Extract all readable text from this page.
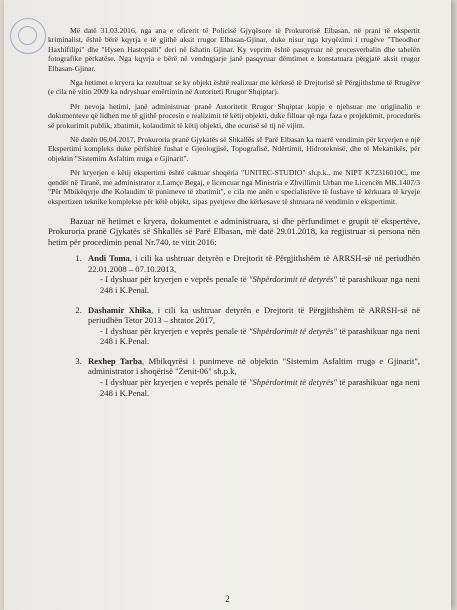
Më datë 31.03.2016, nga ana e oficerit të Policisë Gjyqësore të Prokurorisë Elbasan, në prani të ekspertit kriminalist, është bërë kqyrja e të gjithë aksit rrugor Elbasan-Gjinar, duke nisur nga kryqëzimi i rrugëve "Theodhor Haxhifilipi" dhe "Hysen Hastopalli" deri në fshatin Gjinar. Ky veprim është pasqyruar në procesverbalin dhe tabelën fotografike përkatëse. Nga kqyrja e bërë në vendngjarje janë pasqyruar dëmtimet e konstatuara përgjatë aksit rrugor Elbasan-Gjinar.

Nga hetimet e kryera ka rezultuar se ky objekt është realizuar me kërkesë të Drejtorisë së Përgjithshme të Rrugëve (e cila në vitin 2009 ka ndryshuar emërtimin në Autoriteti Rrugor Shqiptar).

Për nevoja hetimi, janë administruar pranë Autoritetit Rrugor Shqiptar kopje e njehsuar me origjinalin e dokumenteve që lidhen me të gjithë procesin e realizimit të këtij objekti, duke filluar që nga faza e projektimit, procedurës së prokurimit publik, zbatimit, kolaudimit të këtij objekti, dhe ecurisë së tij në vijim.

Në datën 06.04.2017, Prokuroria pranë Gjykatës së Shkallës së Parë Elbasan ka marrë vendimin për kryerjen e një Ekspertimi kompleks duke përfshirë fushat e Gjeologjisë, Topografisë, Ndërtimit, Hidroteknisë, dhe të Mekanikës, për objektin "Sistemim Asfaltim rruga e Gjinarit".

Për kryerjen e këtij ekspertimi është caktuar shoqëria "UNITEC-STUDIO" sh.p.k., me NIPT K72316010C, me qendër në Tiranë, me administrator z.Lamçe Begaj, e licencuar nga Ministria e Zhvillimit Urban me Licencën MK.1407/3 "Për Mbikëqyrje dhe Kolaudim të punimeve të zbatimit", e cila me anën e specialistëve të fushave të kërkuara të kryeje ekspertizen teknike komplekse për këtë objekt, sipas pyetjeve dhe kërkesave të shtruara në vendimin e ekspertimit.

Bazuar në hetimet e kryera, dokumentet e administruara, si dhe përfundimet e grupit të ekspertëve, Prokuroria pranë Gjykatës së Shkallës së Parë Elbasan, më datë 29.01.2018, ka regjistruar si persona nën hetim për procedimin penal Nr.740, te vitit 2016:

1. Andi Toma, i cili ka ushtruar detyrën e Drejtorit të Përgjithshëm të ARRSH-së në periudhën 22.01.2008 – 07.10.2013,
- I dyshuar për kryerjen e veprës penale të "Shpërdorimit të detyrës" të parashikuar nga neni 248 i K.Penal.
2. Dashamir Xhika, i cili ka ushtruar detyrën e Drejtorit të Përgjithshëm të ARRSH-së në periudhën Tetor 2013 – shtator 2017,
- I dyshuar për kryerjen e veprës penale të "Shpërdorimit të detyrës" të parashikuar nga neni 248 i K.Penal.
3. Rexhep Tarba, Mbikqyrësi i punimeve në objektin "Sistemim Asfaltim rruga e Gjinarit", administrator i shoqërisë "Zenit-06" sh.p.k,
- I dyshuar për kryerjen e veprës penale të "Shpërdorimit të detyrës" të parashikuar nga neni 248 i K.Penal.
2
